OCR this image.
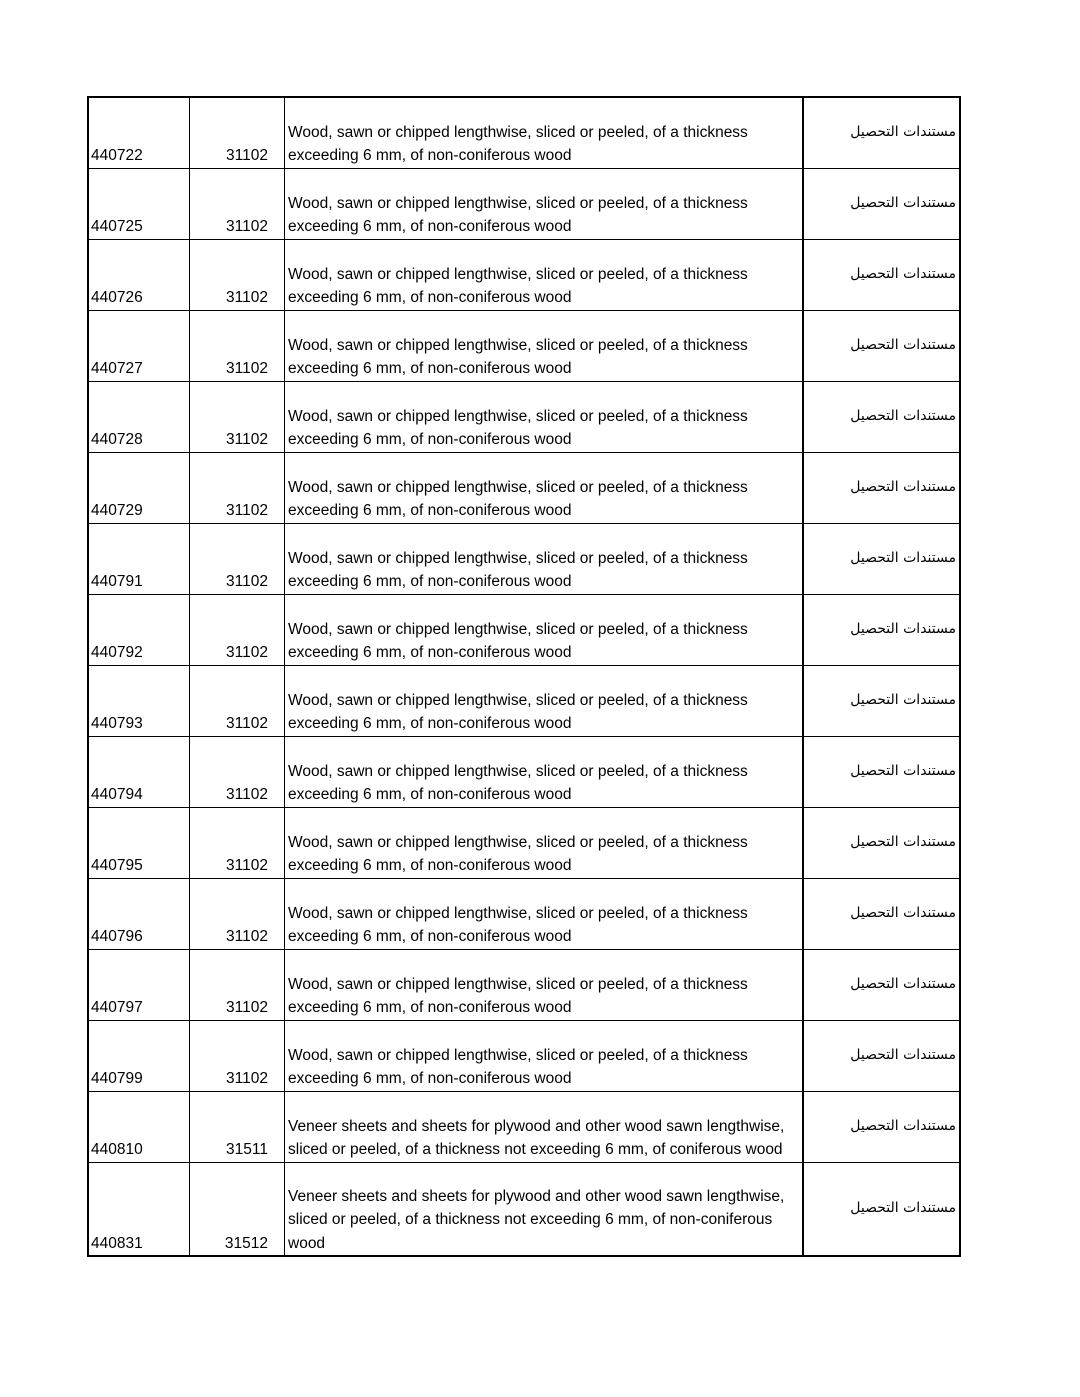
440722	31102	Wood, sawn or chipped lengthwise, sliced or peeled, of a thickness exceeding 6 mm, of non-coniferous wood	مستندات التحصيل
440725	31102	Wood, sawn or chipped lengthwise, sliced or peeled, of a thickness exceeding 6 mm, of non-coniferous wood	مستندات التحصيل
440726	31102	Wood, sawn or chipped lengthwise, sliced or peeled, of a thickness exceeding 6 mm, of non-coniferous wood	مستندات التحصيل
440727	31102	Wood, sawn or chipped lengthwise, sliced or peeled, of a thickness exceeding 6 mm, of non-coniferous wood	مستندات التحصيل
440728	31102	Wood, sawn or chipped lengthwise, sliced or peeled, of a thickness exceeding 6 mm, of non-coniferous wood	مستندات التحصيل
440729	31102	Wood, sawn or chipped lengthwise, sliced or peeled, of a thickness exceeding 6 mm, of non-coniferous wood	مستندات التحصيل
440791	31102	Wood, sawn or chipped lengthwise, sliced or peeled, of a thickness exceeding 6 mm, of non-coniferous wood	مستندات التحصيل
440792	31102	Wood, sawn or chipped lengthwise, sliced or peeled, of a thickness exceeding 6 mm, of non-coniferous wood	مستندات التحصيل
440793	31102	Wood, sawn or chipped lengthwise, sliced or peeled, of a thickness exceeding 6 mm, of non-coniferous wood	مستندات التحصيل
440794	31102	Wood, sawn or chipped lengthwise, sliced or peeled, of a thickness exceeding 6 mm, of non-coniferous wood	مستندات التحصيل
440795	31102	Wood, sawn or chipped lengthwise, sliced or peeled, of a thickness exceeding 6 mm, of non-coniferous wood	مستندات التحصيل
440796	31102	Wood, sawn or chipped lengthwise, sliced or peeled, of a thickness exceeding 6 mm, of non-coniferous wood	مستندات التحصيل
440797	31102	Wood, sawn or chipped lengthwise, sliced or peeled, of a thickness exceeding 6 mm, of non-coniferous wood	مستندات التحصيل
440799	31102	Wood, sawn or chipped lengthwise, sliced or peeled, of a thickness exceeding 6 mm, of non-coniferous wood	مستندات التحصيل
440810	31511	Veneer sheets and sheets for plywood and other wood sawn lengthwise, sliced or peeled, of a thickness not exceeding 6 mm, of coniferous wood	مستندات التحصيل
440831	31512	Veneer sheets and sheets for plywood and other wood sawn lengthwise, sliced or peeled, of a thickness not exceeding 6 mm, of non-coniferous wood	مستندات التحصيل
